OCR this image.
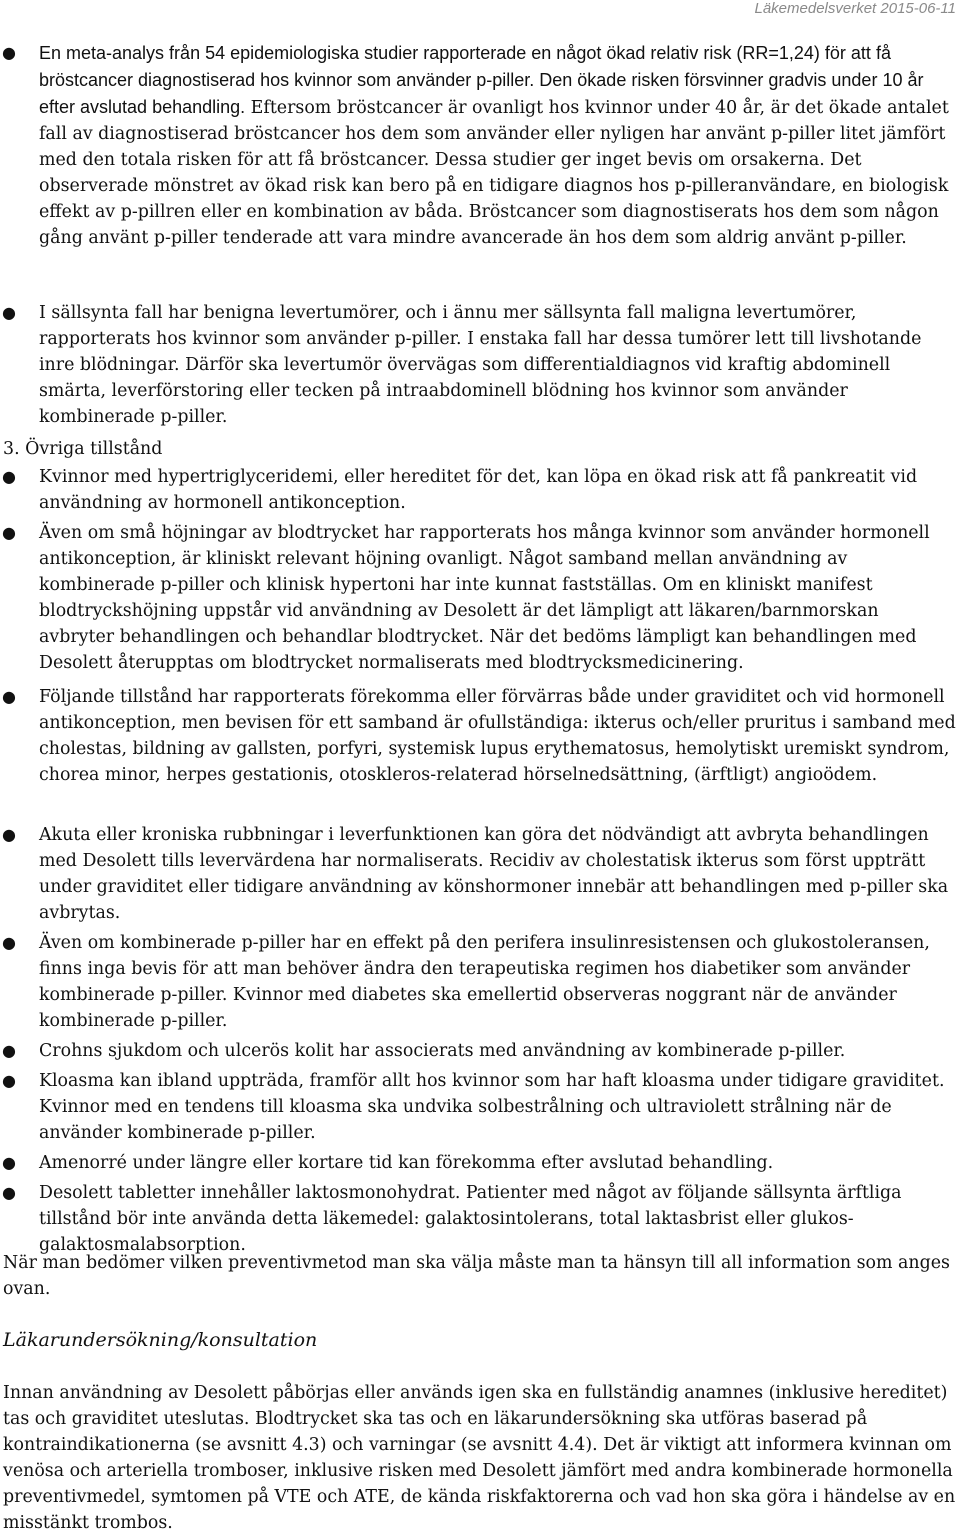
Läkemedelsverket 2015-06-11
● En meta-analys från 54 epidemiologiska studier rapporterade en något ökad relativ risk (RR=1,24) för att få bröstcancer diagnostiserad hos kvinnor som använder p-piller. Den ökade risken försvinner gradvis under 10 år efter avslutad behandling. Eftersom bröstcancer är ovanligt hos kvinnor under 40 år, är det ökade antalet fall av diagnostiserad bröstcancer hos dem som använder eller nyligen har använt p-piller litet jämfört med den totala risken för att få bröstcancer. Dessa studier ger inget bevis om orsakerna. Det observerade mönstret av ökad risk kan bero på en tidigare diagnos hos p-pilleranvändare, en biologisk effekt av p-pillren eller en kombination av båda. Bröstcancer som diagnostiserats hos dem som någon gång använt p-piller tenderade att vara mindre avancerade än hos dem som aldrig använt p-piller.
● I sällsynta fall har benigna levertumörer, och i ännu mer sällsynta fall maligna levertumörer, rapporterats hos kvinnor som använder p-piller. I enstaka fall har dessa tumörer lett till livshotande inre blödningar. Därför ska levertumör övervägas som differentialdiagnos vid kraftig abdominell smärta, leverförstoring eller tecken på intraabdominell blödning hos kvinnor som använder kombinerade p-piller.
3. Övriga tillstånd
● Kvinnor med hypertriglyceridemi, eller hereditet för det, kan löpa en ökad risk att få pankreatit vid användning av hormonell antikonception.
● Även om små höjningar av blodtrycket har rapporterats hos många kvinnor som använder hormonell antikonception, är kliniskt relevant höjning ovanligt. Något samband mellan användning av kombinerade p-piller och klinisk hypertoni har inte kunnat fastställas. Om en kliniskt manifest blodtryckshöjning uppstår vid användning av Desolett är det lämpligt att läkaren/barnmorskan avbryter behandlingen och behandlar blodtrycket. När det bedöms lämpligt kan behandlingen med Desolett återupptas om blodtrycket normaliserats med blodtrycksmedicinering.
● Följande tillstånd har rapporterats förekomma eller förvärras både under graviditet och vid hormonell antikonception, men bevisen för ett samband är ofullständiga: ikterus och/eller pruritus i samband med cholestas, bildning av gallsten, porfyri, systemisk lupus erythematosus, hemolytiskt uremiskt syndrom, chorea minor, herpes gestationis, otoskleros-relaterad hörselnedsättning, (ärftligt) angioödem.
● Akuta eller kroniska rubbningar i leverfunktionen kan göra det nödvändigt att avbryta behandlingen med Desolett tills levervärdena har normaliserats. Recidiv av cholestatisk ikterus som först uppträtt under graviditet eller tidigare användning av könshormoner innebär att behandlingen med p-piller ska avbrytas.
● Även om kombinerade p-piller har en effekt på den perifera insulinresistensen och glukostoleransen, finns inga bevis för att man behöver ändra den terapeutiska regimen hos diabetiker som använder kombinerade p-piller. Kvinnor med diabetes ska emellertid observeras noggrant när de använder kombinerade p-piller.
● Crohns sjukdom och ulcerös kolit har associerats med användning av kombinerade p-piller.
● Kloasma kan ibland uppträda, framför allt hos kvinnor som har haft kloasma under tidigare graviditet. Kvinnor med en tendens till kloasma ska undvika solbestrålning och ultraviolett strålning när de använder kombinerade p-piller.
● Amenorré under längre eller kortare tid kan förekomma efter avslutad behandling.
● Desolett tabletter innehåller laktosmonohydrat. Patienter med något av följande sällsynta ärftliga tillstånd bör inte använda detta läkemedel: galaktosintolerans, total laktasbrist eller glukos-galaktosmalabsorption.

När man bedömer vilken preventivmetod man ska välja måste man ta hänsyn till all information som anges ovan.

Läkarundersökning/konsultation

Innan användning av Desolett påbörjas eller används igen ska en fullständig anamnes (inklusive hereditet) tas och graviditet uteslutas. Blodtrycket ska tas och en läkarundersökning ska utföras baserad på kontraindikationerna (se avsnitt 4.3) och varningar (se avsnitt 4.4). Det är viktigt att informera kvinnan om venösa och arteriella tromboser, inklusive risken med Desolett jämfört med andra kombinerade hormonella preventivmedel, symtomen på VTE och ATE, de kända riskfaktorerna och vad hon ska göra i händelse av en misstänkt trombos.
